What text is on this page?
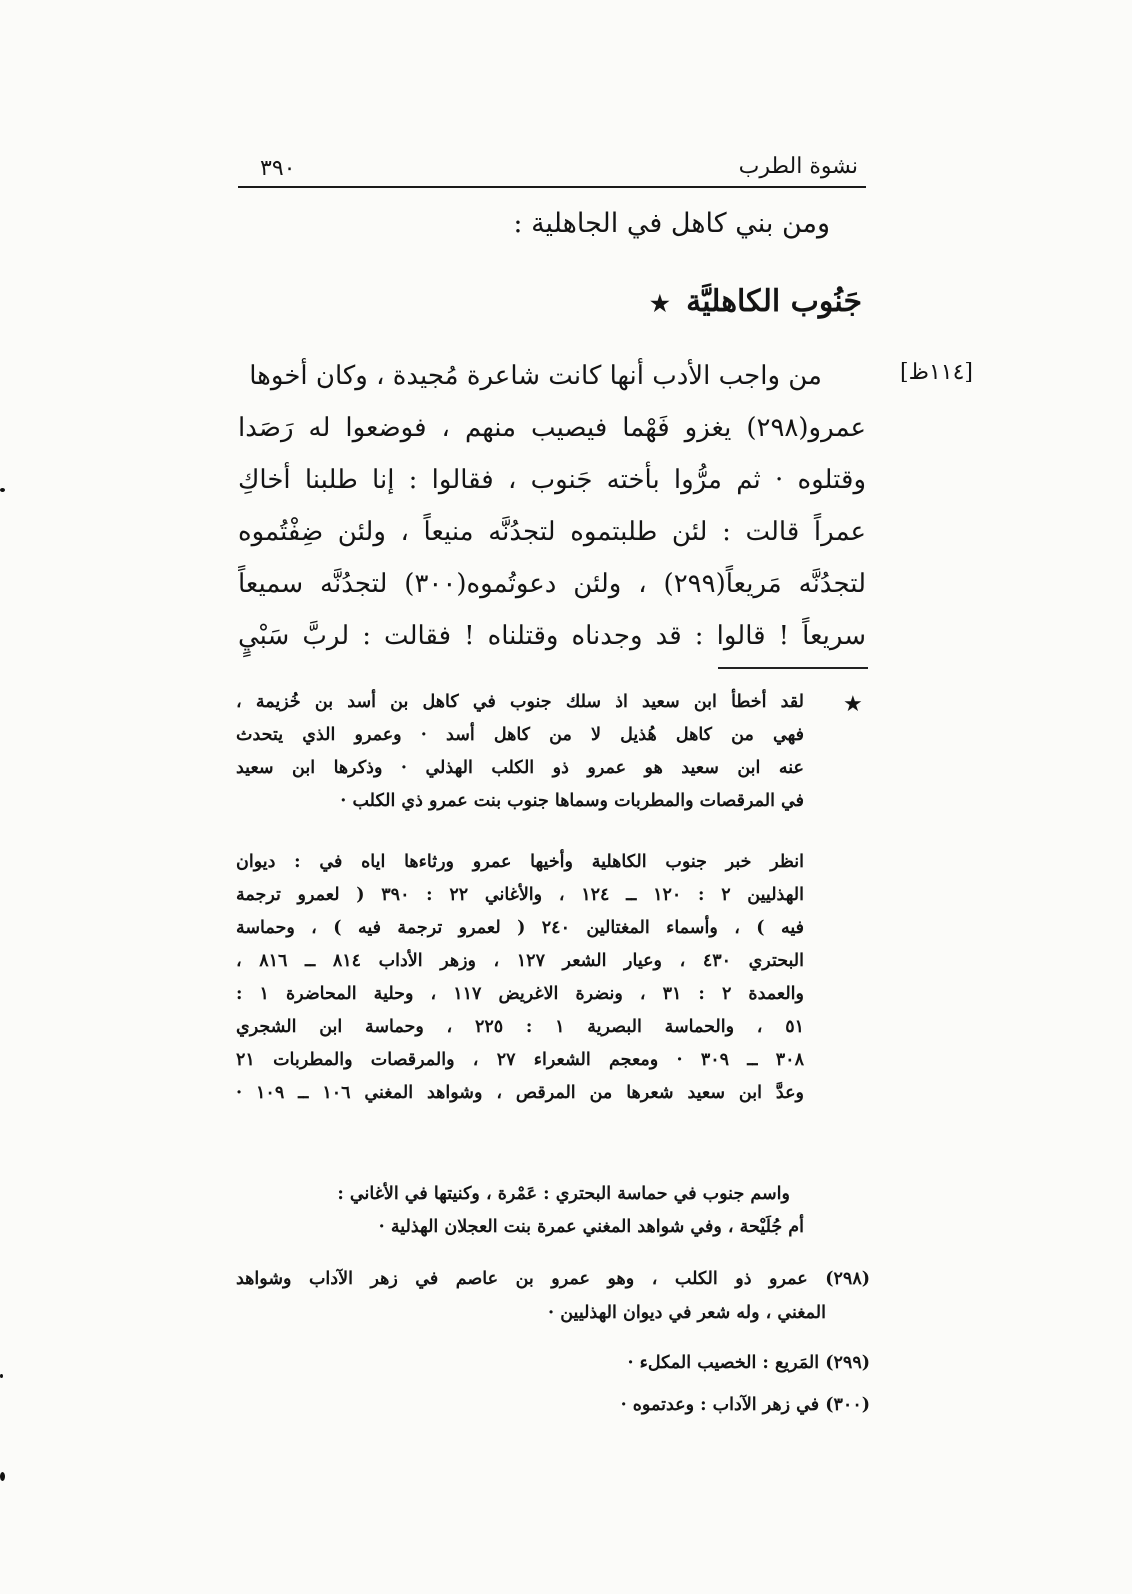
٣٩٠	نشوة الطرب
ومن بني كاهل في الجاهلية :
جَنُوب الكاهليَّة ★
[١١٤ظ]
من واجب الأدب أنها كانت شاعرة مُجيدة ، وكان أخوها
عمرو(٢٩٨) يغزو فَهْما فيصيب منهم ، فوضعوا له رَصَدا
وقتلوه · ثم مرُّوا بأخته جَنوب ، فقالوا : إنا طلبنا أخاكِ
عمراً قالت : لئن طلبتموه لتجدُنَّه منيعاً ، ولئن ضِفْتُموه
لتجدُنَّه مَريعاً(٢٩٩) ، ولئن دعوتُموه(٣٠٠) لتجدُنَّه سميعاً
سريعاً ! قالوا : قد وجدناه وقتلناه ! فقالت : لربَّ سَبْيٍ
★
لقد أخطأ ابن سعيد اذ سلك جنوب في كاهل بن أسد بن خُزيمة ،
فهي من كاهل هُذيل لا من كاهل أسد · وعمرو الذي يتحدث
عنه ابن سعيد هو عمرو ذو الكلب الهذلي · وذكرها ابن سعيد
في المرقصات والمطربات وسماها جنوب بنت عمرو ذي الكلب ·
انظر خبر جنوب الكاهلية وأخيها عمرو ورثاءها اياه في : ديوان
الهذليين ٢ : ١٢٠ ــ ١٢٤ ، والأغاني ٢٢ : ٣٩٠ ( لعمرو ترجمة
فيه ) ، وأسماء المغتالين ٢٤٠ ( لعمرو ترجمة فيه ) ، وحماسة
البحتري ٤٣٠ ، وعيار الشعر ١٢٧ ، وزهر الأداب ٨١٤ ــ ٨١٦ ،
والعمدة ٢ : ٣١ ، ونضرة الاغريض ١١٧ ، وحلية المحاضرة ١ :
٥١ ، والحماسة البصرية ١ : ٢٢٥ ، وحماسة ابن الشجري
٣٠٨ ــ ٣٠٩ · ومعجم الشعراء ٢٧ ، والمرقصات والمطربات ٢١
وعدَّ ابن سعيد شعرها من المرقص ، وشواهد المغني ١٠٦ ــ ١٠٩ ·
واسم جنوب في حماسة البحتري : عَمْرة ، وكنيتها في الأغاني :
أم جُلَيْحة ، وفي شواهد المغني عمرة بنت العجلان الهذلية ·
(٢٩٨) عمرو ذو الكلب ، وهو عمرو بن عاصم في زهر الآداب وشواهد
المغني ، وله شعر في ديوان الهذليين ·
(٢٩٩) المَريع : الخصيب المكلء ·
(٣٠٠) في زهر الآداب : وعدتموه ·
